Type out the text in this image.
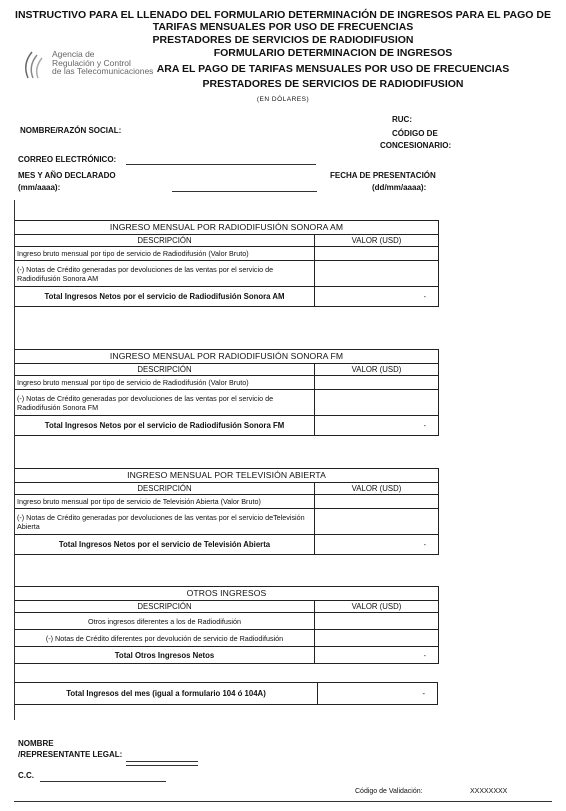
INSTRUCTIVO PARA EL LLENADO DEL FORMULARIO DETERMINACIÓN DE INGRESOS PARA EL PAGO DE
TARIFAS MENSUALES POR USO DE FRECUENCIAS
PRESTADORES DE SERVICIOS DE RADIODIFUSION
FORMULARIO DETERMINACION DE INGRESOS
ARA EL PAGO DE TARIFAS MENSUALES POR USO DE FRECUENCIAS
PRESTADORES DE SERVICIOS DE RADIODIFUSION
(EN DÓLARES)
Agencia de
Regulación y Control
de las Telecomunicaciones
RUC:
NOMBRE/RAZÓN SOCIAL:	CÓDIGO DE
CONCESIONARIO:
CORREO ELECTRÓNICO:
MES Y AÑO DECLARADO
(mm/aaaa):
FECHA DE PRESENTACIÓN
(dd/mm/aaaa):
INGRESO MENSUAL POR RADIODIFUSIÓN SONORA AM	
DESCRIPCIÓN	VALOR (USD)
Ingreso bruto mensual por tipo de servicio de Radiodifusión (Valor Bruto)	
(-) Notas de Crédito generadas por devoluciones de las ventas por el servicio de Radiodifusión Sonora AM	
Total Ingresos Netos por el servicio de Radiodifusión Sonora AM	-
INGRESO MENSUAL POR RADIODIFUSIÓN SONORA FM	
DESCRIPCIÓN	VALOR (USD)
Ingreso bruto mensual por tipo de servicio de Radiodifusión (Valor Bruto)	
(-) Notas de Crédito generadas por devoluciones de las ventas por el servicio de Radiodifusión Sonora FM	
Total Ingresos Netos por el servicio de Radiodifusión Sonora FM	-
INGRESO MENSUAL POR TELEVISIÓN ABIERTA	
DESCRIPCIÓN	VALOR (USD)
Ingreso bruto mensual por tipo de servicio de Televisión Abierta (Valor Bruto)	
(-) Notas de Crédito generadas por devoluciones de las ventas por el servicio deTelevisión Abierta	
Total Ingresos Netos por el servicio de Televisión Abierta	-
OTROS INGRESOS	
DESCRIPCIÓN	VALOR (USD)
Otros ingresos diferentes a los de Radiodifusión	
(-) Notas de Crédito diferentes por devolución de servicio de Radiodifusión	
Total Otros Ingresos Netos	-
Total Ingresos del mes (igual a formulario 104 ó 104A)	-
NOMBRE
/REPRESENTANTE LEGAL:
C.C.
Código de Validación:	XXXXXXXX
